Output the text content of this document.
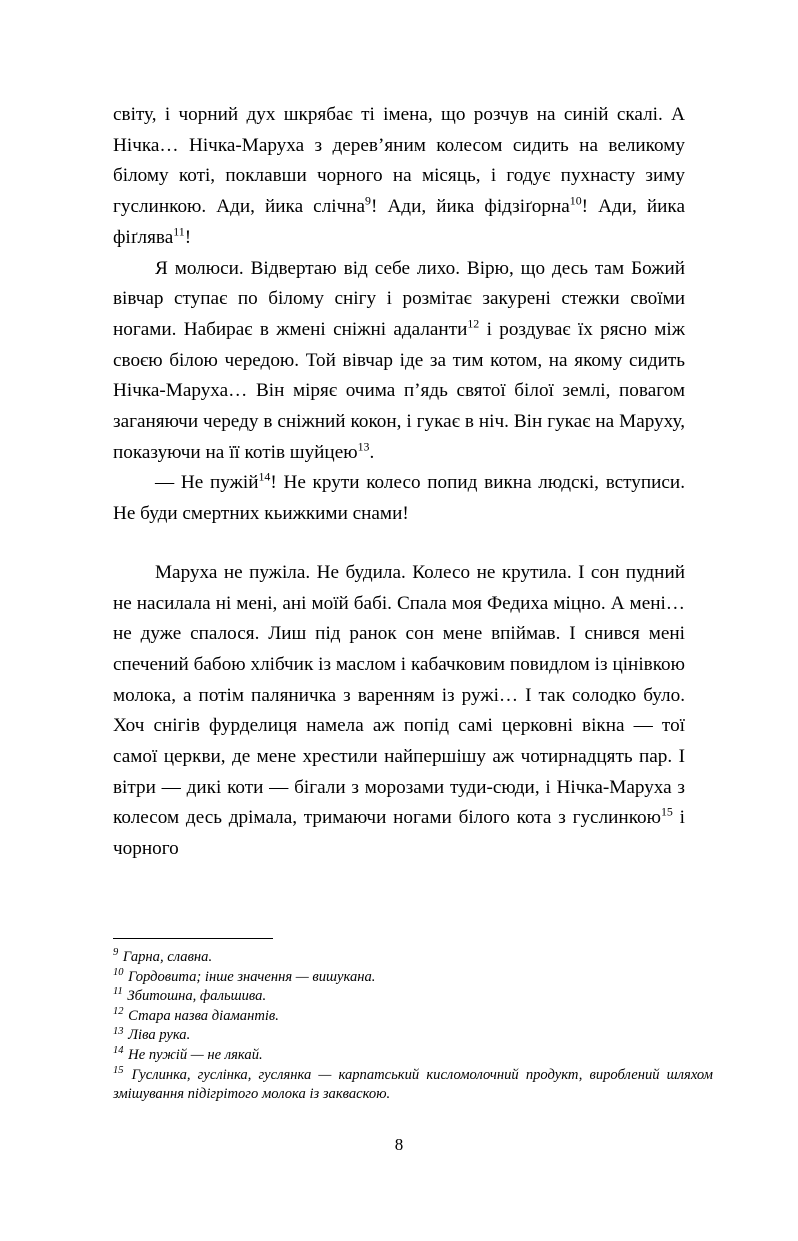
світу, і чорний дух шкрябає ті імена, що розчув на синій скалі. А Нічка… Нічка-Маруха з дерев’яним колесом сидить на великому білому коті, поклавши чорного на місяць, і годує пухнасту зиму гуслинкою. Ади, йика слічна$^9$! Ади, йика фідзіґорна$^{10}$! Ади, йика фіґлява$^{11}$!

Я молюси. Відвертаю від себе лихо. Вірю, що десь там Божий вівчар ступає по білому снігу і розмітає закурені стежки своїми ногами. Набирає в жмені сніжні адаланти$^{12}$ і роздуває їх рясно між своєю білою чередою. Той вівчар іде за тим котом, на якому сидить Нічка-Маруха… Він міряє очима п’ядь святої білої землі, повагом заганяючи череду в сніжний кокон, і гукає в ніч. Він гукає на Маруху, показуючи на її котів шуйцею$^{13}$.

— Не пужій$^{14}$! Не крути колесо попид викна людскі, вступиси. Не буди смертних кьижкими снами!

Маруха не пужіла. Не будила. Колесо не крутила. І сон пудний не насилала ні мені, ані моїй бабі. Спала моя Федиха міцно. А мені… не дуже спалося. Лиш під ранок сон мене впіймав. І снився мені спечений бабою хлібчик із маслом і кабачковим повидлом із цінівкою молока, а потім паляничка з варенням із ружі… І так солодко було. Хоч снігів фурделиця намела аж попід самі церковні вікна — тої самої церкви, де мене хрестили найпершішу аж чотирнадцять пар. І вітри — дикі коти — бігали з морозами туди-сюди, і Нічка-Маруха з колесом десь дрімала, тримаючи ногами білого кота з гуслинкою$^{15}$ і чорного

$^9$ Гарна, славна.

$^{10}$ Гордовита; інше значення — вишукана.

$^{11}$ Збитошна, фальшива.

$^{12}$ Стара назва діамантів.

$^{13}$ Ліва рука.

$^{14}$ Не пужій — не лякай.

$^{15}$ Гуслинка, гуслінка, гуслянка — карпатський кисломолочний продукт, вироблений шляхом змішування підігрітого молока із закваскою.

8
